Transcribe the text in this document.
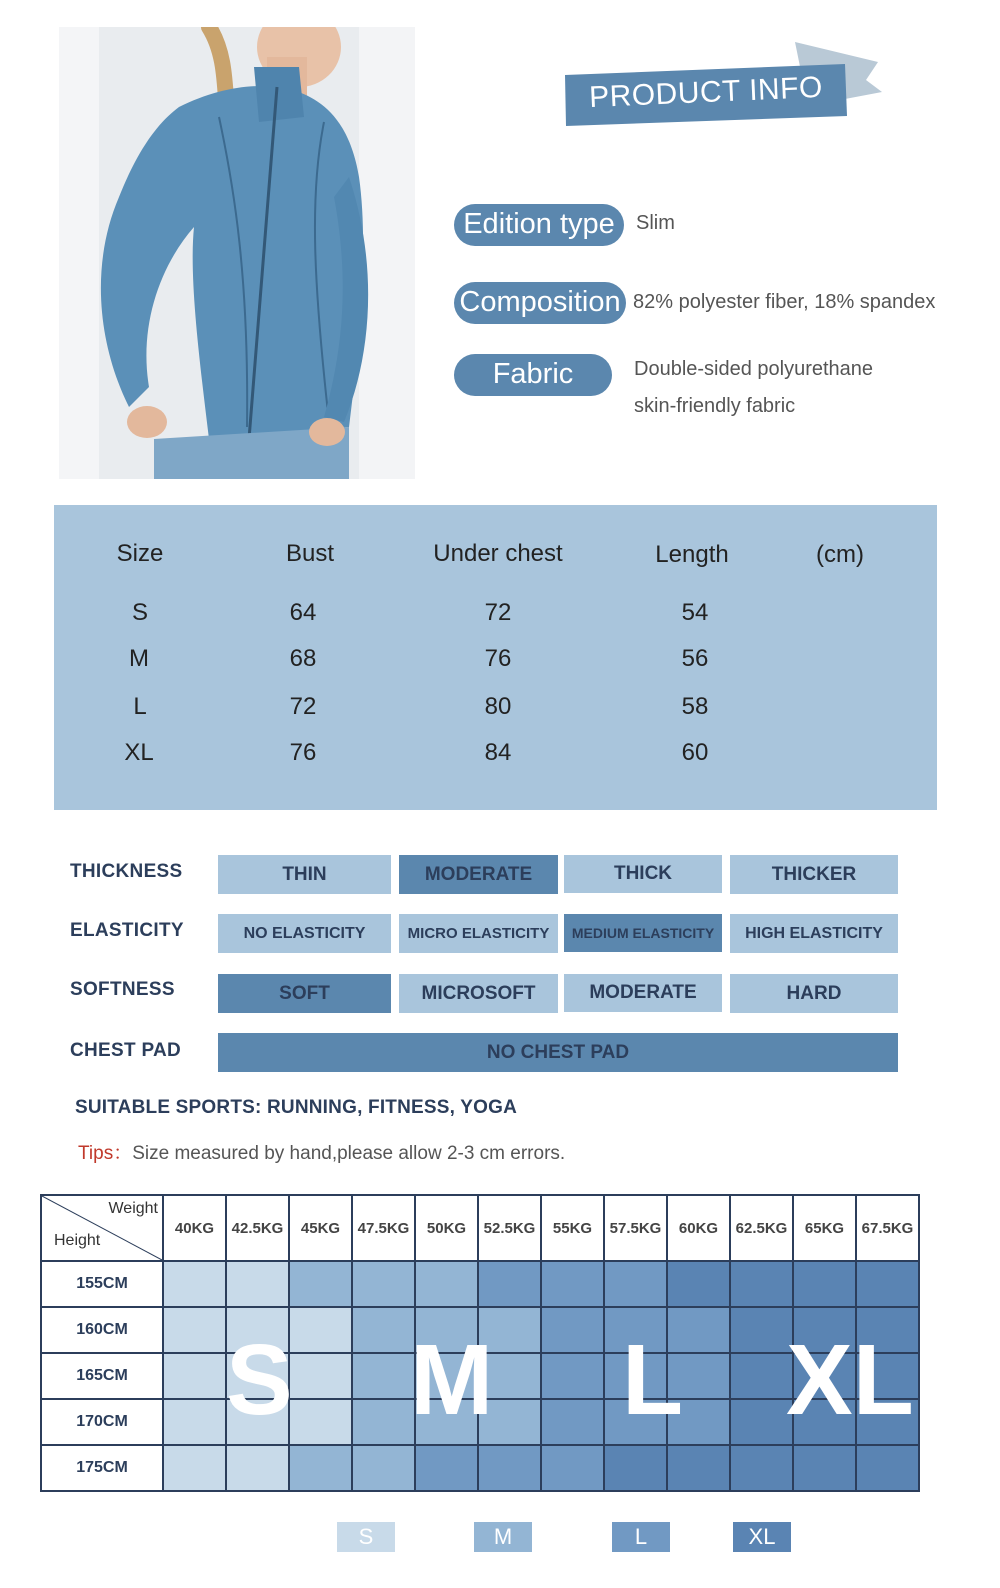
PRODUCT INFO
Edition type	Slim
Composition 82% polyester fiber, 18% spandex
Fabric	Double-sided polyurethane
skin-friendly fabric
Size	Bust	Under chest	Length	(cm)
S	64	72	54
M	68	76	56
L	72	80	58
XL	76	84	60
THICKNESS	THIN	MODERATE	THICK	THICKER
ELASTICITY	NO ELASTICITY	MICRO ELASTICITY	MEDIUM ELASTICITY	HIGH ELASTICITY
SOFTNESS	SOFT	MICROSOFT	MODERATE	HARD
CHEST PAD	NO CHEST PAD
SUITABLE SPORTS: RUNNING, FITNESS, YOGA
Tips：Size measured by hand,please allow 2-3 cm errors.
Weight
Height	40KG	42.5KG	45KG	47.5KG	50KG	52.5KG	55KG	57.5KG	60KG	62.5KG	65KG	67.5KG
155CM												
160CM												
165CM												
170CM												
175CM												
S M L XL
S	M	L	XL
